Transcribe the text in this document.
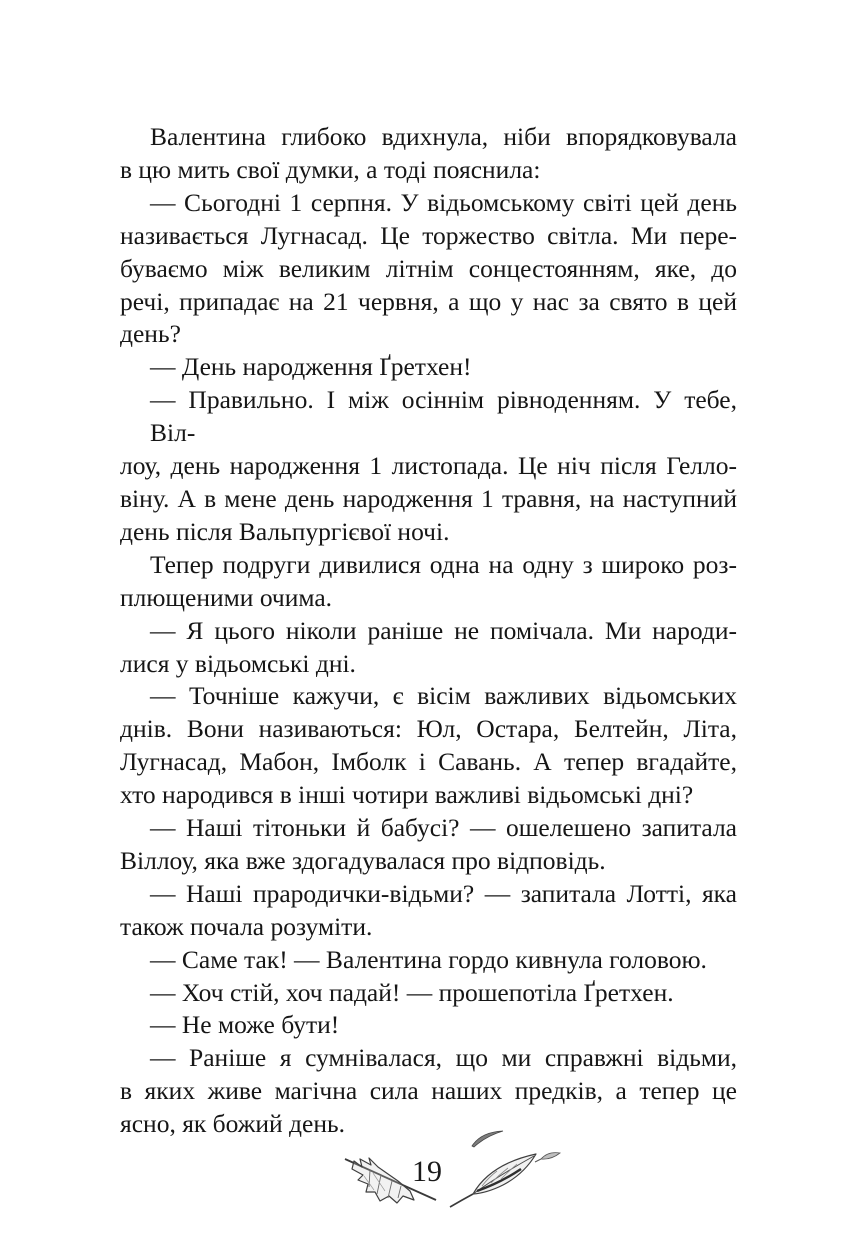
Валентина глибоко вдихнула, ніби впорядковувала
в цю мить свої думки, а тоді пояснила:

— Сьогодні 1 серпня. У відьомському світі цей день
називається Лугнасад. Це торжество світла. Ми пере-
буваємо між великим літнім сонцестоянням, яке, до
речі, припадає на 21 червня, а що у нас за свято в цей
день?

— День народження Ґретхен!

— Правильно. І між осіннім рівноденням. У тебе, Віл-
лоу, день народження 1 листопада. Це ніч після Гелло-
віну. А в мене день народження 1 травня, на наступний
день після Вальпургієвої ночі.

Тепер подруги дивилися одна на одну з широко роз-
плющеними очима.

— Я цього ніколи раніше не помічала. Ми народи-
лися у відьомські дні.

— Точніше кажучи, є вісім важливих відьомських
днів. Вони називаються: Юл, Остара, Белтейн, Літа,
Лугнасад, Мабон, Імболк і Савань. А тепер вгадайте,
хто народився в інші чотири важливі відьомські дні?

— Наші тітоньки й бабусі? — ошелешено запитала
Віллоу, яка вже здогадувалася про відповідь.

— Наші прародички-відьми? — запитала Лотті, яка
також почала розуміти.

— Саме так! — Валентина гордо кивнула головою.

— Хоч стій, хоч падай! — прошепотіла Ґретхен.

— Не може бути!

— Раніше я сумнівалася, що ми справжні відьми,
в яких живе магічна сила наших предків, а тепер це
ясно, як божий день.

19
